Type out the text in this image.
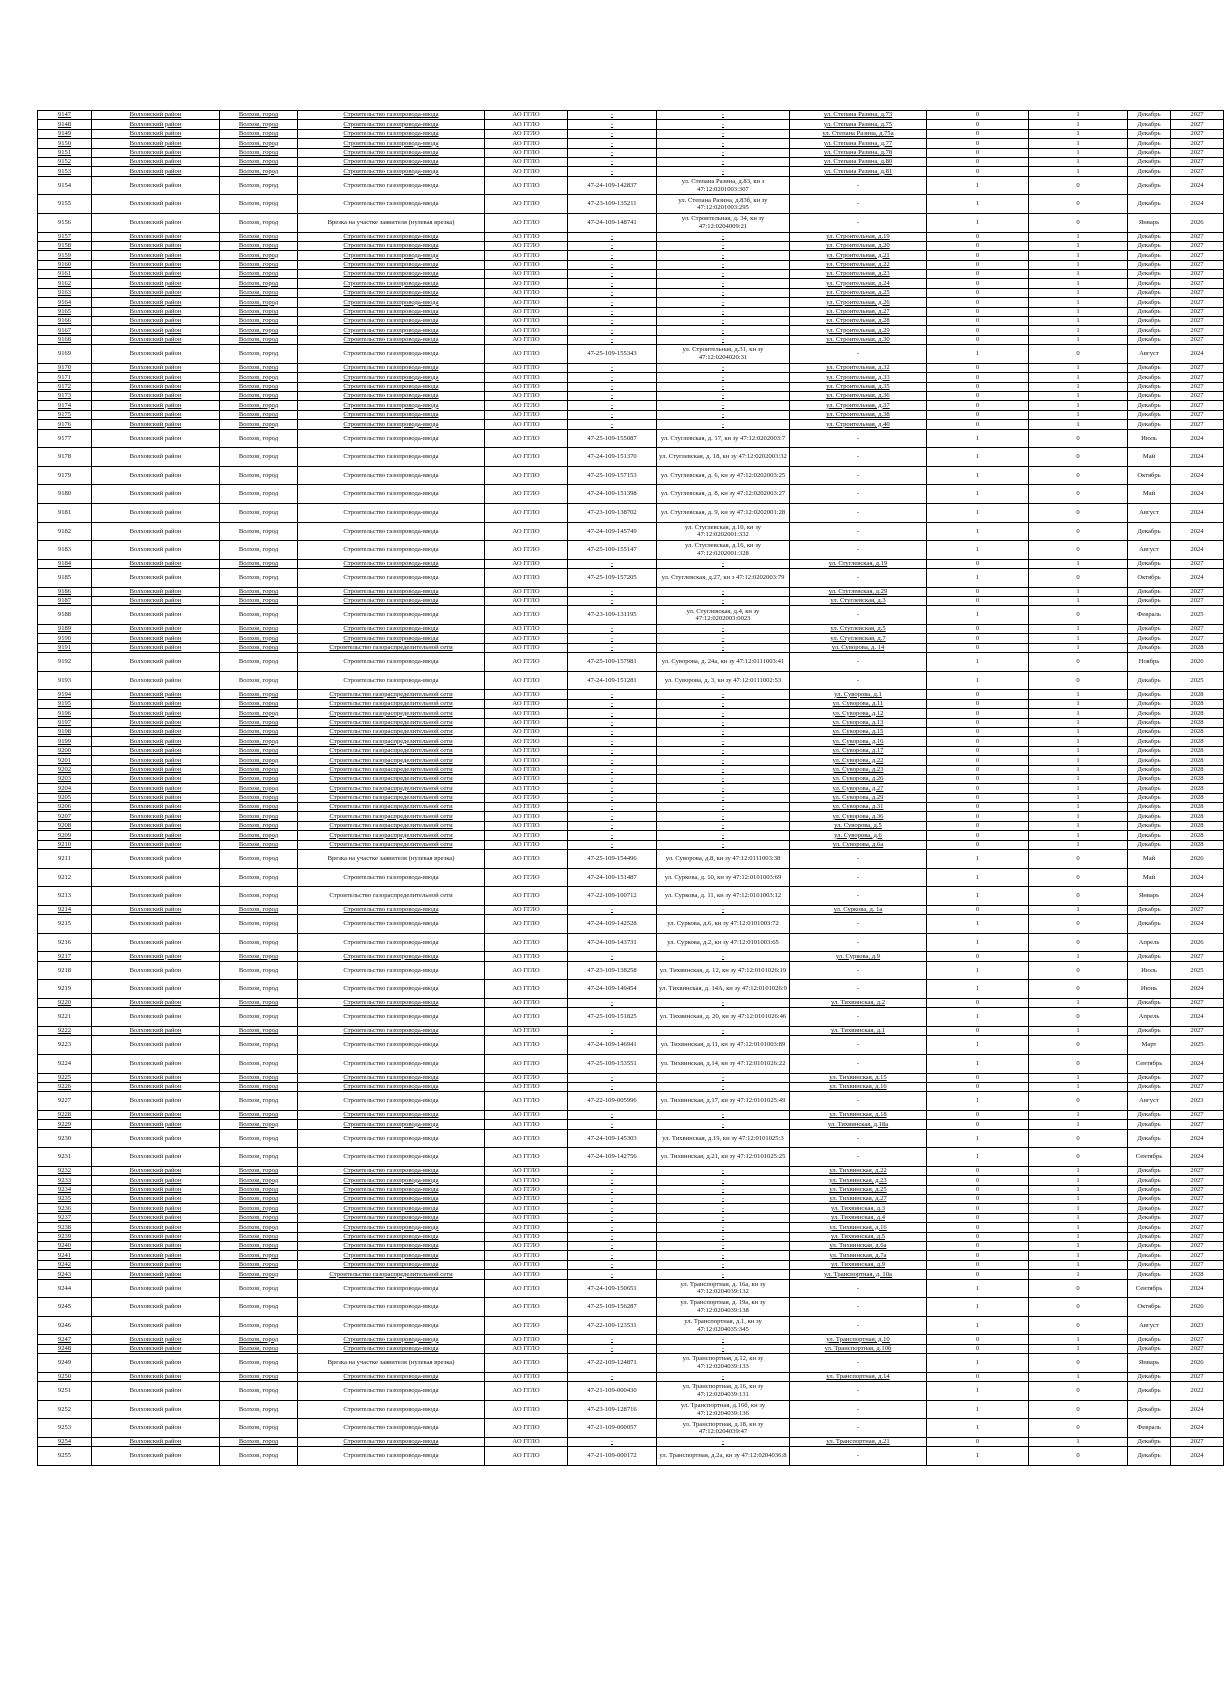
9147	Волховский район	Волхов, город	Строительство газопровода-ввода	АО ГГЛО	-	-	ул. Степана Разина, д.73	0	1	Декабрь	2027
9148	Волховский район	Волхов, город	Строительство газопровода-ввода	АО ГГЛО	-	-	ул. Степана Разина, д.75	0	1	Декабрь	2027
9149	Волховский район	Волхов, город	Строительство газопровода-ввода	АО ГГЛО	-	-	ул. Степана Разина, д.75а	0	1	Декабрь	2027
9150	Волховский район	Волхов, город	Строительство газопровода-ввода	АО ГГЛО	-	-	ул. Степана Разина, д.77	0	1	Декабрь	2027
9151	Волховский район	Волхов, город	Строительство газопровода-ввода	АО ГГЛО	-	-	ул. Степана Разина, д.78	0	1	Декабрь	2027
9152	Волховский район	Волхов, город	Строительство газопровода-ввода	АО ГГЛО	-	-	ул. Степана Разина, д.80	0	1	Декабрь	2027
9153	Волховский район	Волхов, город	Строительство газопровода-ввода	АО ГГЛО	-	-	ул. Степана Разина, д.81	0	1	Декабрь	2027
9154	Волховский район	Волхов, город	Строительство газопровода-ввода	АО ГГЛО	47-24-109-142837	ул. Степана Разина, д.83, кн з 47:12:0201003:307	-	1	0	Декабрь	2024
9155	Волховский район	Волхов, город	Строительство газопровода-ввода	АО ГГЛО	47-23-109-135211	ул. Степана Разина, д.83б, кн зу 47:12:0201003:295	-	1	0	Декабрь	2024
9156	Волховский район	Волхов, город	Врезка на участке заявителя (нулевая врезка)	АО ГГЛО	47-24-109-148741	ул. Строительная, д. 34, кн зу 47:12:0204009:21	-	1	0	Январь	2026
9157	Волховский район	Волхов, город	Строительство газопровода-ввода	АО ГГЛО	-	-	ул. Строительная, д.19	0	1	Декабрь	2027
9158	Волховский район	Волхов, город	Строительство газопровода-ввода	АО ГГЛО	-	-	ул. Строительная, д.20	0	1	Декабрь	2027
9159	Волховский район	Волхов, город	Строительство газопровода-ввода	АО ГГЛО	-	-	ул. Строительная, д.21	0	1	Декабрь	2027
9160	Волховский район	Волхов, город	Строительство газопровода-ввода	АО ГГЛО	-	-	ул. Строительная, д.22	0	1	Декабрь	2027
9161	Волховский район	Волхов, город	Строительство газопровода-ввода	АО ГГЛО	-	-	ул. Строительная, д.23	0	1	Декабрь	2027
9162	Волховский район	Волхов, город	Строительство газопровода-ввода	АО ГГЛО	-	-	ул. Строительная, д.24	0	1	Декабрь	2027
9163	Волховский район	Волхов, город	Строительство газопровода-ввода	АО ГГЛО	-	-	ул. Строительная, д.25	0	1	Декабрь	2027
9164	Волховский район	Волхов, город	Строительство газопровода-ввода	АО ГГЛО	-	-	ул. Строительная, д.26	0	1	Декабрь	2027
9165	Волховский район	Волхов, город	Строительство газопровода-ввода	АО ГГЛО	-	-	ул. Строительная, д.27	0	1	Декабрь	2027
9166	Волховский район	Волхов, город	Строительство газопровода-ввода	АО ГГЛО	-	-	ул. Строительная, д.28	0	1	Декабрь	2027
9167	Волховский район	Волхов, город	Строительство газопровода-ввода	АО ГГЛО	-	-	ул. Строительная, д.29	0	1	Декабрь	2027
9168	Волховский район	Волхов, город	Строительство газопровода-ввода	АО ГГЛО	-	-	ул. Строительная, д.30	0	1	Декабрь	2027
9169	Волховский район	Волхов, город	Строительство газопровода-ввода	АО ГГЛО	47-25-109-155343	ул. Строительная, д.31, кн зу 47:12:0204020:31	-	1	0	Август	2024
9170	Волховский район	Волхов, город	Строительство газопровода-ввода	АО ГГЛО	-	-	ул. Строительная, д.32	0	1	Декабрь	2027
9171	Волховский район	Волхов, город	Строительство газопровода-ввода	АО ГГЛО	-	-	ул. Строительная, д.33	0	1	Декабрь	2027
9172	Волховский район	Волхов, город	Строительство газопровода-ввода	АО ГГЛО	-	-	ул. Строительная, д.35	0	1	Декабрь	2027
9173	Волховский район	Волхов, город	Строительство газопровода-ввода	АО ГГЛО	-	-	ул. Строительная, д.36	0	1	Декабрь	2027
9174	Волховский район	Волхов, город	Строительство газопровода-ввода	АО ГГЛО	-	-	ул. Строительная, д.37	0	1	Декабрь	2027
9175	Волховский район	Волхов, город	Строительство газопровода-ввода	АО ГГЛО	-	-	ул. Строительная, д.38	0	1	Декабрь	2027
9176	Волховский район	Волхов, город	Строительство газопровода-ввода	АО ГГЛО	-	-	ул. Строительная, д.40	0	1	Декабрь	2027
9177	Волховский район	Волхов, город	Строительство газопровода-ввода	АО ГГЛО	47-25-109-155087	ул. Стуглевская, д. 17, кн зу 47:12:0202003:7	-	1	0	Июль	2024
9178	Волховский район	Волхов, город	Строительство газопровода-ввода	АО ГГЛО	47-24-109-151370	ул. Стуглевская, д. 18, кн зу 47:12:0202003:32	-	1	0	Май	2024
9179	Волховский район	Волхов, город	Строительство газопровода-ввода	АО ГГЛО	47-25-109-157153	ул. Стуглевская, д. 6, кн зу 47:12:0202003:25	-	1	0	Октябрь	2024
9180	Волховский район	Волхов, город	Строительство газопровода-ввода	АО ГГЛО	47-24-109-151398	ул. Стуглевская, д. 8, кн зу 47:12:0202003:27	-	1	0	Май	2024
9181	Волховский район	Волхов, город	Строительство газопровода-ввода	АО ГГЛО	47-23-109-138702	ул. Стуглевская, д. 9, кн зу 47:12:0202001:28	-	1	0	Август	2024
9182	Волховский район	Волхов, город	Строительство газопровода-ввода	АО ГГЛО	47-24-109-145749	ул. Стуглевская, д.10, кн зу 47:12:0202001:332	-	1	0	Декабрь	2024
9183	Волховский район	Волхов, город	Строительство газопровода-ввода	АО ГГЛО	47-25-109-155147	ул. Стуглевская, д.16, кн зу 47:12:0202001:328	-	1	0	Август	2024
9184	Волховский район	Волхов, город	Строительство газопровода-ввода	АО ГГЛО	-	-	ул. Стуглевская, д.19	0	1	Декабрь	2027
9185	Волховский район	Волхов, город	Строительство газопровода-ввода	АО ГГЛО	47-25-109-157205	ул. Стуглевская, д.27, кн з 47:12:0202003:79	-	1	0	Октябрь	2024
9186	Волховский район	Волхов, город	Строительство газопровода-ввода	АО ГГЛО	-	-	ул. Стуглевская, д.29	0	1	Декабрь	2027
9187	Волховский район	Волхов, город	Строительство газопровода-ввода	АО ГГЛО	-	-	ул. Стуглевская, д.3	0	1	Декабрь	2027
9188	Волховский район	Волхов, город	Строительство газопровода-ввода	АО ГГЛО	47-23-109-131195	ул. Стуглевская, д.4, кн зу 47:12:0202003:0023	-	1	0	Февраль	2025
9189	Волховский район	Волхов, город	Строительство газопровода-ввода	АО ГГЛО	-	-	ул. Стуглевская, д.5	0	1	Декабрь	2027
9190	Волховский район	Волхов, город	Строительство газопровода-ввода	АО ГГЛО	-	-	ул. Стуглевская, д.7	0	1	Декабрь	2027
9191	Волховский район	Волхов, город	Строительство газораспределительной сети	АО ГГЛО	-	-	ул. Суворова, д. 14	0	1	Декабрь	2028
9192	Волховский район	Волхов, город	Строительство газопровода-ввода	АО ГГЛО	47-25-109-157981	ул. Суворова, д. 24а, кн зу 47:12:0111003:41	-	1	0	Ноябрь	2026
9193	Волховский район	Волхов, город	Строительство газопровода-ввода	АО ГГЛО	47-24-109-151281	ул. Суворова, д. 3, кн зу 47:12:0111002:53	-	1	0	Декабрь	2025
9194	Волховский район	Волхов, город	Строительство газораспределительной сети	АО ГГЛО	-	-	ул. Суворова, д.1	0	1	Декабрь	2028
9195	Волховский район	Волхов, город	Строительство газораспределительной сети	АО ГГЛО	-	-	ул. Суворова, д.11	0	1	Декабрь	2028
9196	Волховский район	Волхов, город	Строительство газораспределительной сети	АО ГГЛО	-	-	ул. Суворова, д.12	0	1	Декабрь	2028
9197	Волховский район	Волхов, город	Строительство газораспределительной сети	АО ГГЛО	-	-	ул. Суворова, д.13	0	1	Декабрь	2028
9198	Волховский район	Волхов, город	Строительство газораспределительной сети	АО ГГЛО	-	-	ул. Суворова, д.15	0	1	Декабрь	2028
9199	Волховский район	Волхов, город	Строительство газораспределительной сети	АО ГГЛО	-	-	ул. Суворова, д.16	0	1	Декабрь	2028
9200	Волховский район	Волхов, город	Строительство газораспределительной сети	АО ГГЛО	-	-	ул. Суворова, д.17	0	1	Декабрь	2028
9201	Волховский район	Волхов, город	Строительство газораспределительной сети	АО ГГЛО	-	-	ул. Суворова, д.22	0	1	Декабрь	2028
9202	Волховский район	Волхов, город	Строительство газораспределительной сети	АО ГГЛО	-	-	ул. Суворова, д.23	0	1	Декабрь	2028
9203	Волховский район	Волхов, город	Строительство газораспределительной сети	АО ГГЛО	-	-	ул. Суворова, д.26	0	1	Декабрь	2028
9204	Волховский район	Волхов, город	Строительство газораспределительной сети	АО ГГЛО	-	-	ул. Суворова, д.27	0	1	Декабрь	2028
9205	Волховский район	Волхов, город	Строительство газораспределительной сети	АО ГГЛО	-	-	ул. Суворова, д.29	0	1	Декабрь	2028
9206	Волховский район	Волхов, город	Строительство газораспределительной сети	АО ГГЛО	-	-	ул. Суворова, д.31	0	1	Декабрь	2028
9207	Волховский район	Волхов, город	Строительство газораспределительной сети	АО ГГЛО	-	-	ул. Суворова, д.36	0	1	Декабрь	2028
9208	Волховский район	Волхов, город	Строительство газораспределительной сети	АО ГГЛО	-	-	ул. Суворова, д.5	0	1	Декабрь	2028
9209	Волховский район	Волхов, город	Строительство газораспределительной сети	АО ГГЛО	-	-	ул. Суворова, д.6	0	1	Декабрь	2028
9210	Волховский район	Волхов, город	Строительство газораспределительной сети	АО ГГЛО	-	-	ул. Суворова, д.6а	0	1	Декабрь	2028
9211	Волховский район	Волхов, город	Врезка на участке заявителя (нулевая врезка)	АО ГГЛО	47-25-109-154496	ул. Суворова, д.8, кн зу 47:12:0111003:38	-	1	0	Май	2026
9212	Волховский район	Волхов, город	Строительство газопровода-ввода	АО ГГЛО	47-24-109-151487	ул. Суркова, д. 10, кн зу 47:12:0101003:69	-	1	0	Май	2024
9213	Волховский район	Волхов, город	Строительство газораспределительной сети	АО ГГЛО	47-22-109-100712	ул. Суркова, д. 11, кн зу 47:12:0101003:12	-	1	0	Январь	2024
9214	Волховский район	Волхов, город	Строительство газопровода-ввода	АО ГГЛО	-	-	ул. Суркова, д. 1а	0	1	Декабрь	2027
9215	Волховский район	Волхов, город	Строительство газопровода-ввода	АО ГГЛО	47-24-109-142528	ул. Суркова, д.6, кн зу 47:12:0101003:72	-	1	0	Декабрь	2024
9216	Волховский район	Волхов, город	Строительство газопровода-ввода	АО ГГЛО	47-24-109-143731	ул. Суркова, д.2, кн зу 47:12:0101003:65	-	1	0	Апрель	2026
9217	Волховский район	Волхов, город	Строительство газопровода-ввода	АО ГГЛО	-	-	ул. Суркова, д.9	0	1	Декабрь	2027
9218	Волховский район	Волхов, город	Строительство газопровода-ввода	АО ГГЛО	47-23-109-138258	ул. Тихвинская, д. 12, кн зу 47:12:0101026:19	-	1	0	Июль	2025
9219	Волховский район	Волхов, город	Строительство газопровода-ввода	АО ГГЛО	47-24-109-149454	ул. Тихвинская, д. 14А, кн зу 47:12:0101026:9	-	1	0	Июнь	2024
9220	Волховский район	Волхов, город	Строительство газопровода-ввода	АО ГГЛО	-	-	ул. Тихвинская, д.2	0	1	Декабрь	2027
9221	Волховский район	Волхов, город	Строительство газопровода-ввода	АО ГГЛО	47-25-109-151825	ул. Тихвинская, д. 20, кн зу 47:12:0101026:46	-	1	0	Апрель	2024
9222	Волховский район	Волхов, город	Строительство газопровода-ввода	АО ГГЛО	-	-	ул. Тихвинская, д.1	0	1	Декабрь	2027
9223	Волховский район	Волхов, город	Строительство газопровода-ввода	АО ГГЛО	47-24-109-146941	ул. Тихвинская, д.11, кн зу 47:12:0101003:89	-	1	0	Март	2025
9224	Волховский район	Волхов, город	Строительство газопровода-ввода	АО ГГЛО	47-25-109-153551	ул. Тихвинская, д.14, кн зу 47:12:0101026:22	-	1	0	Сентябрь	2024
9225	Волховский район	Волхов, город	Строительство газопровода-ввода	АО ГГЛО	-	-	ул. Тихвинская, д.15	0	1	Декабрь	2027
9226	Волховский район	Волхов, город	Строительство газопровода-ввода	АО ГГЛО	-	-	ул. Тихвинская, д.16	0	1	Декабрь	2027
9227	Волховский район	Волхов, город	Строительство газопровода-ввода	АО ГГЛО	47-22-109-005996	ул. Тихвинская, д.17, кн зу 47:12:0101025:49	-	1	0	Август	2023
9228	Волховский район	Волхов, город	Строительство газопровода-ввода	АО ГГЛО	-	-	ул. Тихвинская, д.18	0	1	Декабрь	2027
9229	Волховский район	Волхов, город	Строительство газопровода-ввода	АО ГГЛО	-	-	ул. Тихвинская, д.18а	0	1	Декабрь	2027
9230	Волховский район	Волхов, город	Строительство газопровода-ввода	АО ГГЛО	47-24-109-145303	ул. Тихвинская, д.19, кн зу 47:12:0101025:3	-	1	0	Декабрь	2024
9231	Волховский район	Волхов, город	Строительство газопровода-ввода	АО ГГЛО	47-24-109-142756	ул. Тихвинская, д.21, кн зу 47:12:0101025:25	-	1	0	Сентябрь	2024
9232	Волховский район	Волхов, город	Строительство газопровода-ввода	АО ГГЛО	-	-	ул. Тихвинская, д.22	0	1	Декабрь	2027
9233	Волховский район	Волхов, город	Строительство газопровода-ввода	АО ГГЛО	-	-	ул. Тихвинская, д.23	0	1	Декабрь	2027
9234	Волховский район	Волхов, город	Строительство газопровода-ввода	АО ГГЛО	-	-	ул. Тихвинская, д.25	0	1	Декабрь	2027
9235	Волховский район	Волхов, город	Строительство газопровода-ввода	АО ГГЛО	-	-	ул. Тихвинская, д.27	0	1	Декабрь	2027
9236	Волховский район	Волхов, город	Строительство газопровода-ввода	АО ГГЛО	-	-	ул. Тихвинская, д.3	0	1	Декабрь	2027
9237	Волховский район	Волхов, город	Строительство газопровода-ввода	АО ГГЛО	-	-	ул. Тихвинская, д.4	0	1	Декабрь	2027
9238	Волховский район	Волхов, город	Строительство газопровода-ввода	АО ГГЛО	-	-	ул. Тихвинская, д.16	0	1	Декабрь	2027
9239	Волховский район	Волхов, город	Строительство газопровода-ввода	АО ГГЛО	-	-	ул. Тихвинская, д.5	0	1	Декабрь	2027
9240	Волховский район	Волхов, город	Строительство газопровода-ввода	АО ГГЛО	-	-	ул. Тихвинская, д.6а	0	1	Декабрь	2027
9241	Волховский район	Волхов, город	Строительство газопровода-ввода	АО ГГЛО	-	-	ул. Тихвинская, д.7а	0	1	Декабрь	2027
9242	Волховский район	Волхов, город	Строительство газопровода-ввода	АО ГГЛО	-	-	ул. Тихвинская, д.9	0	1	Декабрь	2027
9243	Волховский район	Волхов, город	Строительство газораспределительной сети	АО ГГЛО	-	-	ул. Транспортная, д. 10а	0	1	Декабрь	2028
9244	Волховский район	Волхов, город	Строительство газопровода-ввода	АО ГГЛО	47-24-109-150651	ул. Транспортная, д. 16а, кн зу 47:12:0204039:132	-	1	0	Сентябрь	2024
9245	Волховский район	Волхов, город	Строительство газопровода-ввода	АО ГГЛО	47-25-109-156287	ул. Транспортная, д. 19а, кн зу 47:12:0204039:138	-	1	0	Октябрь	2026
9246	Волховский район	Волхов, город	Строительство газопровода-ввода	АО ГГЛО	47-22-109-123531	ул. Транспортная, д.1, кн зу 47:12:0204035:345	-	1	0	Август	2023
9247	Волховский район	Волхов, город	Строительство газопровода-ввода	АО ГГЛО	-	-	ул. Транспортная, д.10	0	1	Декабрь	2027
9248	Волховский район	Волхов, город	Строительство газопровода-ввода	АО ГГЛО	-	-	ул. Транспортная, д.10б	0	1	Декабрь	2027
9249	Волховский район	Волхов, город	Врезка на участке заявителя (нулевая врезка)	АО ГГЛО	47-22-109-124871	ул. Транспортная, д.12, кн зу 47:12:0204039:133	-	1	0	Январь	2026
9250	Волховский район	Волхов, город	Строительство газопровода-ввода	АО ГГЛО	-	-	ул. Транспортная, д.14	0	1	Декабрь	2027
9251	Волховский район	Волхов, город	Строительство газопровода-ввода	АО ГГЛО	47-21-109-000430	ул. Транспортная, д.16, кн зу 47:12:0204039:131	-	1	0	Декабрь	2022
9252	Волховский район	Волхов, город	Строительство газопровода-ввода	АО ГГЛО	47-23-109-128716	ул. Транспортная, д.16б, кн зу 47:12:0204039:136	-	1	0	Декабрь	2024
9253	Волховский район	Волхов, город	Строительство газопровода-ввода	АО ГГЛО	47-21-109-000057	ул. Транспортная, д.18, кн зу 47:12:0204039:47	-	1	0	Февраль	2024
9254	Волховский район	Волхов, город	Строительство газопровода-ввода	АО ГГЛО	-	-	ул. Транспортная, д.21	0	1	Декабрь	2027
9255	Волховский район	Волхов, город	Строительство газопровода-ввода	АО ГГЛО	47-21-109-000172	ул. Транспортная, д.2а, кн зу 47:12:0204036:8	-	1	0	Декабрь	2024
